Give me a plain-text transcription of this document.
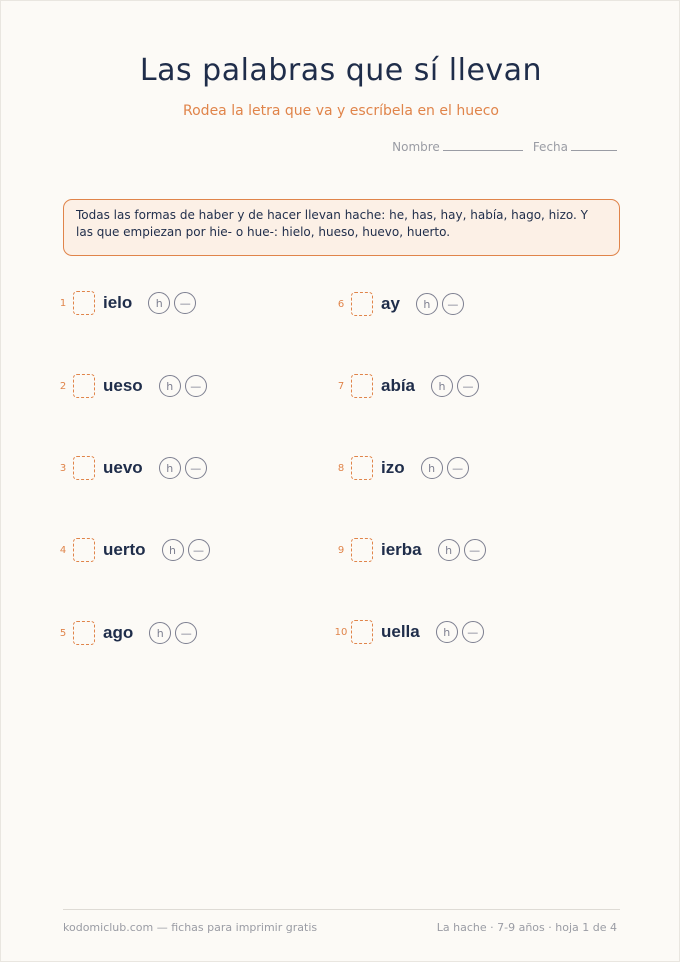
Las palabras que sí llevan
Rodea la letra que va y escríbela en el hueco
Nombre	Fecha
Todas las formas de haber y de hacer llevan hache: he, has, hay, había, hago, hizo. Y las que empiezan por hie- o hue-: hielo, hueso, huevo, huerto.
1	ielo	h	—
2	ueso	h	—
3	uevo	h	—
4	uerto	h	—
5	ago	h	—
6	ay	h	—
7	abía	h	—
8	izo	h	—
9	ierba	h	—
10 uella	h	—
kodomiclub.com — fichas para imprimir gratis	La hache · 7-9 años · hoja 1 de 4
